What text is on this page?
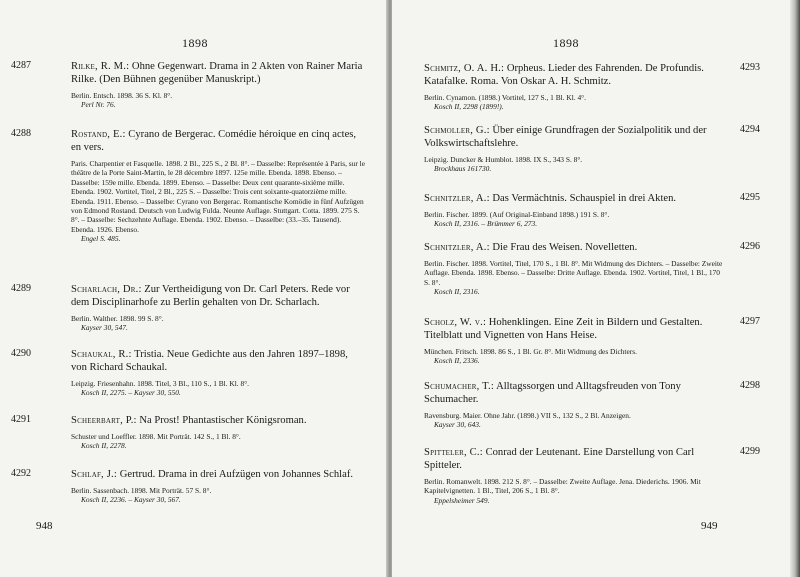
1898
4287	Rilke, R. M.: Ohne Gegenwart. Drama in 2 Akten von Rainer Maria Rilke. (Den Bühnen gegenüber Manuskript.)
Berlin. Entsch. 1898. 36 S. Kl. 8°.
Perl Nr. 76.
4288	Rostand, E.: Cyrano de Bergerac. Comédie héroique en cinq actes, en vers.
Paris. Charpentier et Fasquelle. 1898. 2 Bl., 225 S., 2 Bl. 8°. – Dasselbe: Représentée à Paris, sur le théâtre de la Porte Saint-Martin, le 28 décembre 1897. 125e mille. Ebenda. 1898. Ebenso. – Dasselbe: 159e mille. Ebenda. 1899. Ebenso. – Dasselbe: Deux cent quarante-sixième mille. Ebenda. 1902. Vortitel, Titel, 2 Bl., 225 S. – Dasselbe: Trois cent soixante-quatorzième mille. Ebenda. 1911. Ebenso. – Dasselbe: Cyrano von Bergerac. Romantische Komödie in fünf Aufzügen von Edmond Rostand. Deutsch von Ludwig Fulda. Neunte Auflage. Stuttgart. Cotta. 1899. 275 S. 8°. – Dasselbe: Sechzehnte Auflage. Ebenda. 1902. Ebenso. – Dasselbe: (33.–35. Tausend). Ebenda. 1926. Ebenso.
Engel S. 485.
4289	Scharlach, Dr.: Zur Vertheidigung von Dr. Carl Peters. Rede vor dem Disciplinarhofe zu Berlin gehalten von Dr. Scharlach.
Berlin. Walther. 1898. 99 S. 8°.
Kayser 30, 547.
4290	Schaukal, R.: Tristia. Neue Gedichte aus den Jahren 1897–1898, von Richard Schaukal.
Leipzig. Friesenhahn. 1898. Titel, 3 Bl., 110 S., 1 Bl. Kl. 8°.
Kosch II, 2275. – Kayser 30, 550.
4291	Scheerbart, P.: Na Prost! Phantastischer Königsroman.
Schuster und Loeffler. 1898. Mit Porträt. 142 S., 1 Bl. 8°.
Kosch II, 2278.
4292	Schlaf, J.: Gertrud. Drama in drei Aufzügen von Johannes Schlaf.
Berlin. Sassenbach. 1898. Mit Porträt. 57 S. 8°.
Kosch II, 2236. – Kayser 30, 567.
948
1898
4293
Schmitz, O. A. H.: Orpheus. Lieder des Fahrenden. De Profundis. Katafalke. Roma. Von Oskar A. H. Schmitz.
Berlin. Cynamon. (1898.) Vortitel, 127 S., 1 Bl. Kl. 4°.
Kosch II, 2298 (1899!).
4294
Schmoller, G.: Über einige Grundfragen der Sozialpolitik und der Volkswirtschaftslehre.
Leipzig. Duncker & Humblot. 1898. IX S., 343 S. 8°.
Brockhaus 161730.
4295
Schnitzler, A.: Das Vermächtnis. Schauspiel in drei Akten.
Berlin. Fischer. 1899. (Auf Original-Einband 1898.) 191 S. 8°.
Kosch II, 2316. – Brümmer 6, 273.
4296
Schnitzler, A.: Die Frau des Weisen. Novelletten.
Berlin. Fischer. 1898. Vortitel, Titel, 170 S., 1 Bl. 8°. Mit Widmung des Dichters. – Dasselbe: Zweite Auflage. Ebenda. 1898. Ebenso. – Dasselbe: Dritte Auflage. Ebenda. 1902. Vortitel, Titel, 1 Bl., 170 S. 8°.
Kosch II, 2316.
4297
Scholz, W. v.: Hohenklingen. Eine Zeit in Bildern und Gestalten. Titelblatt und Vignetten von Hans Heise.
München. Fritsch. 1898. 86 S., 1 Bl. Gr. 8°. Mit Widmung des Dichters.
Kosch II, 2336.
4298
Schumacher, T.: Alltagssorgen und Alltagsfreuden von Tony Schumacher.
Ravensburg. Maier. Ohne Jahr. (1898.) VII S., 132 S., 2 Bl. Anzeigen.
Kayser 30, 643.
4299
Spitteler, C.: Conrad der Leutenant. Eine Darstellung von Carl Spitteler.
Berlin. Romanwelt. 1898. 212 S. 8°. – Dasselbe: Zweite Auflage. Jena. Diederichs. 1906. Mit Kapitelvignetten. 1 Bl., Titel, 206 S., 1 Bl. 8°.
Eppelsheimer 549.
949
